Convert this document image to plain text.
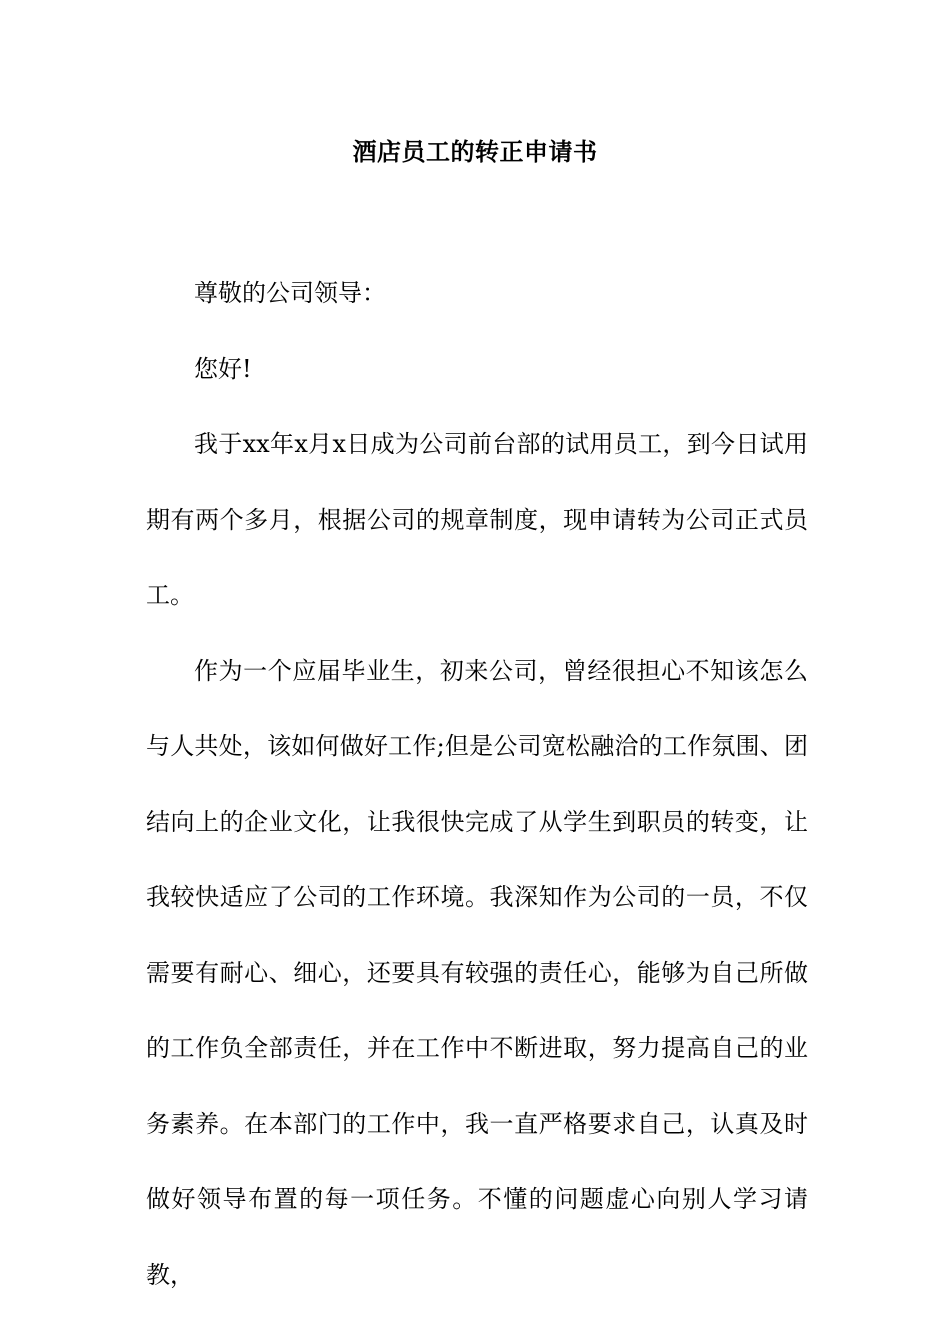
酒店员工的转正申请书

尊敬的公司领导：

您好!

我于xx年x月x日成为公司前台部的试用员工，到今日试用期有两个多月，根据公司的规章制度，现申请转为公司正式员工。

作为一个应届毕业生，初来公司，曾经很担心不知该怎么与人共处，该如何做好工作;但是公司宽松融洽的工作氛围、团结向上的企业文化，让我很快完成了从学生到职员的转变，让我较快适应了公司的工作环境。我深知作为公司的一员，不仅需要有耐心、细心，还要具有较强的责任心，能够为自己所做的工作负全部责任，并在工作中不断进取，努力提高自己的业务素养。在本部门的工作中，我一直严格要求自己，认真及时做好领导布置的每一项任务。不懂的问题虚心向别人学习请教，
